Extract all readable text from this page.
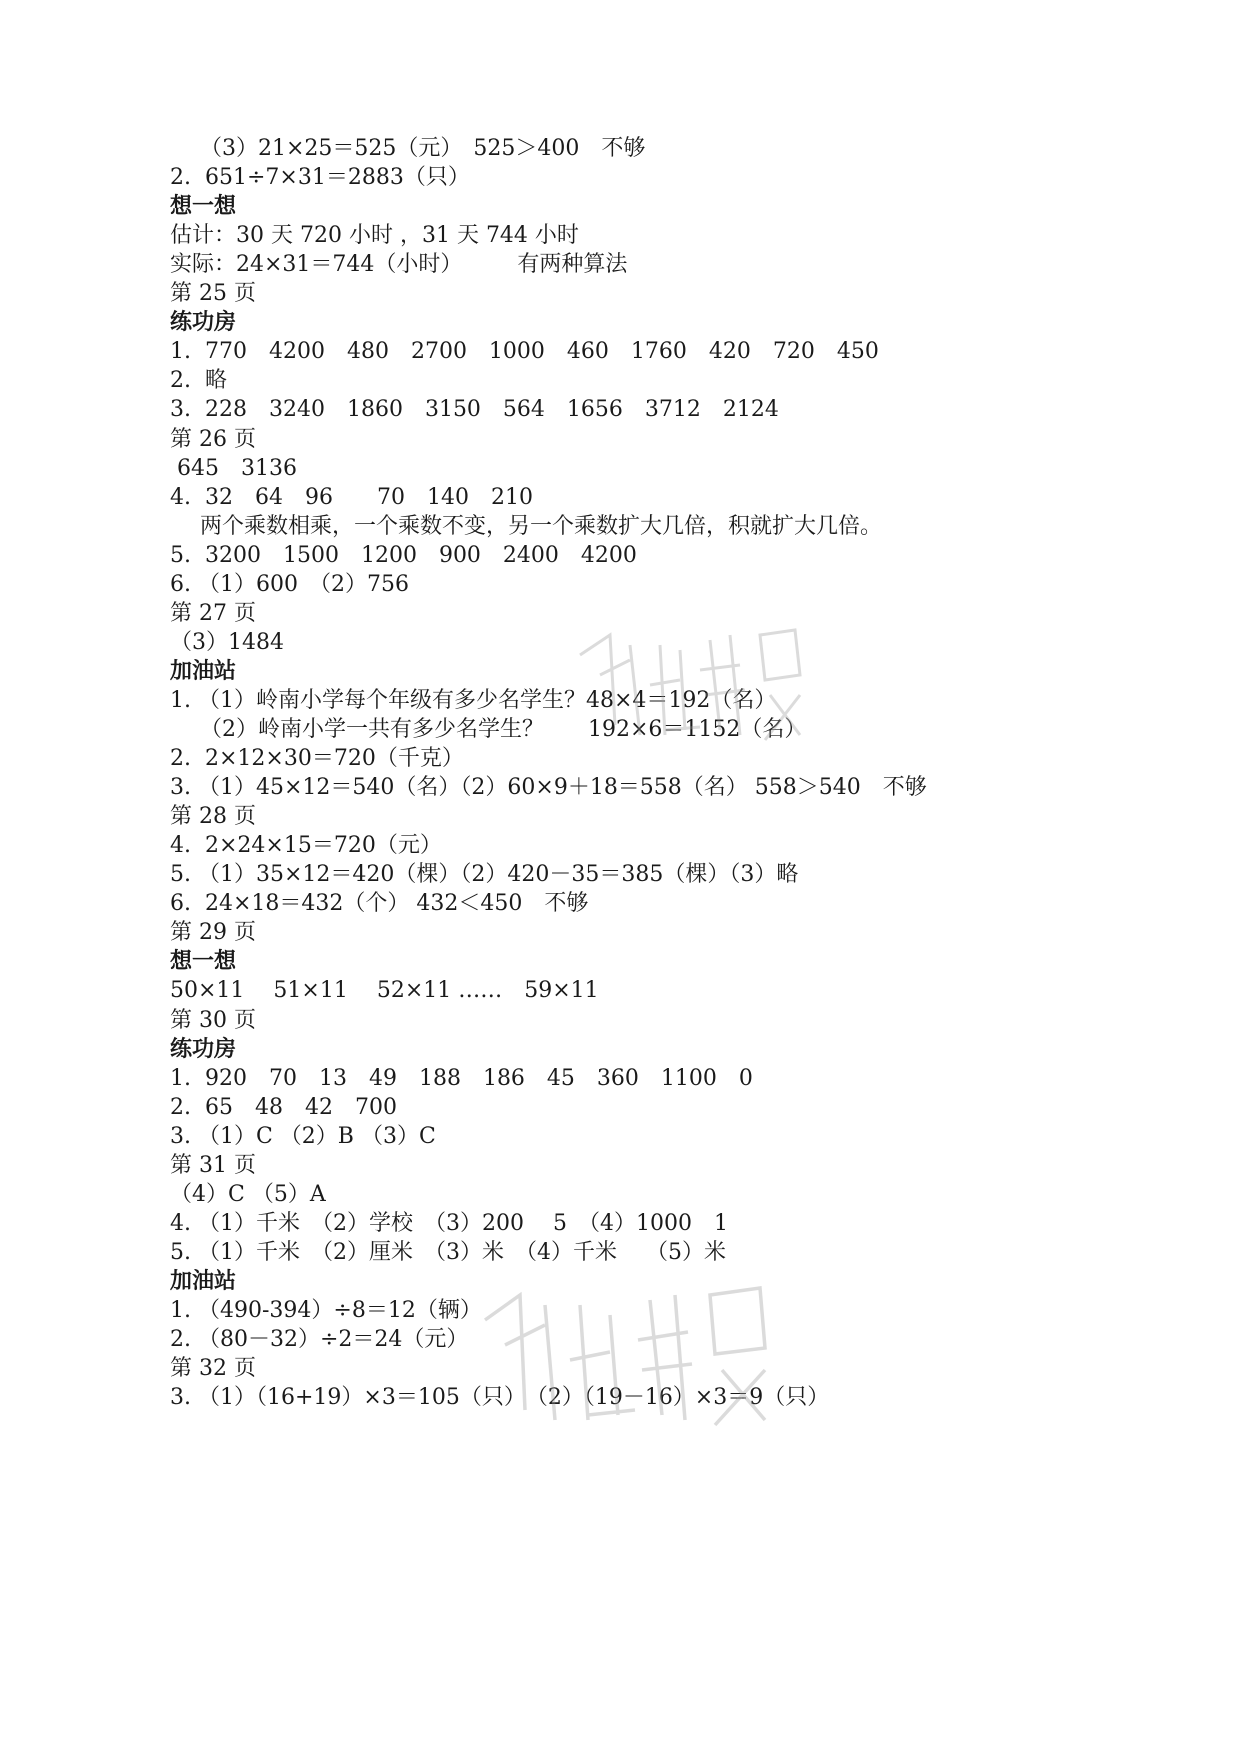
（3）21×25＝525（元）　525＞400　不够
2.  651÷7×31＝2883（只）
想一想
估计：30 天 720 小时 ，31 天 744 小时
实际：24×31＝744（小时）　　　有两种算法
第 25 页
练功房
1.  770　4200　480　2700　1000　460　1760　420　720　450
2.  略
3.  228　3240　1860　3150　564　1656　3712　2124
第 26 页
645　3136
4.  32　64　96　　70　140　210
两个乘数相乘，一个乘数不变，另一个乘数扩大几倍，积就扩大几倍。
5.  3200　1500　1200　900　2400　4200
6. （1）600　（2）756
第 27 页
（3）1484
加油站
1. （1）岭南小学每个年级有多少名学生？48×4＝192（名）
（2）岭南小学一共有多少名学生？　　192×6＝1152（名）
2.  2×12×30＝720（千克）
3. （1）45×12＝540（名）（2）60×9＋18＝558（名） 558＞540　不够
第 28 页
4.  2×24×15＝720（元）
5. （1）35×12＝420（棵）（2）420－35＝385（棵）（3）略
6.  24×18＝432（个） 432＜450　不够
第 29 页
想一想
50×11　 51×11　 52×11 ……　59×11
第 30 页
练功房
1.  920　70　13　49　188　186　45　360　1100　0
2.  65　48　42　700
3. （1）C （2）B （3）C
第 31 页
（4）C （5）A
4. （1）千米　（2）学校　（3）200　 5　（4）1000　1
5. （1）千米　（2）厘米　（3）米　（4）千米　 （5）米
加油站
1. （490-394）÷8＝12（辆）
2. （80－32）÷2＝24（元）
第 32 页
3. （1）（16+19）×3＝105（只）　（2）（19－16）×3＝9（只）
